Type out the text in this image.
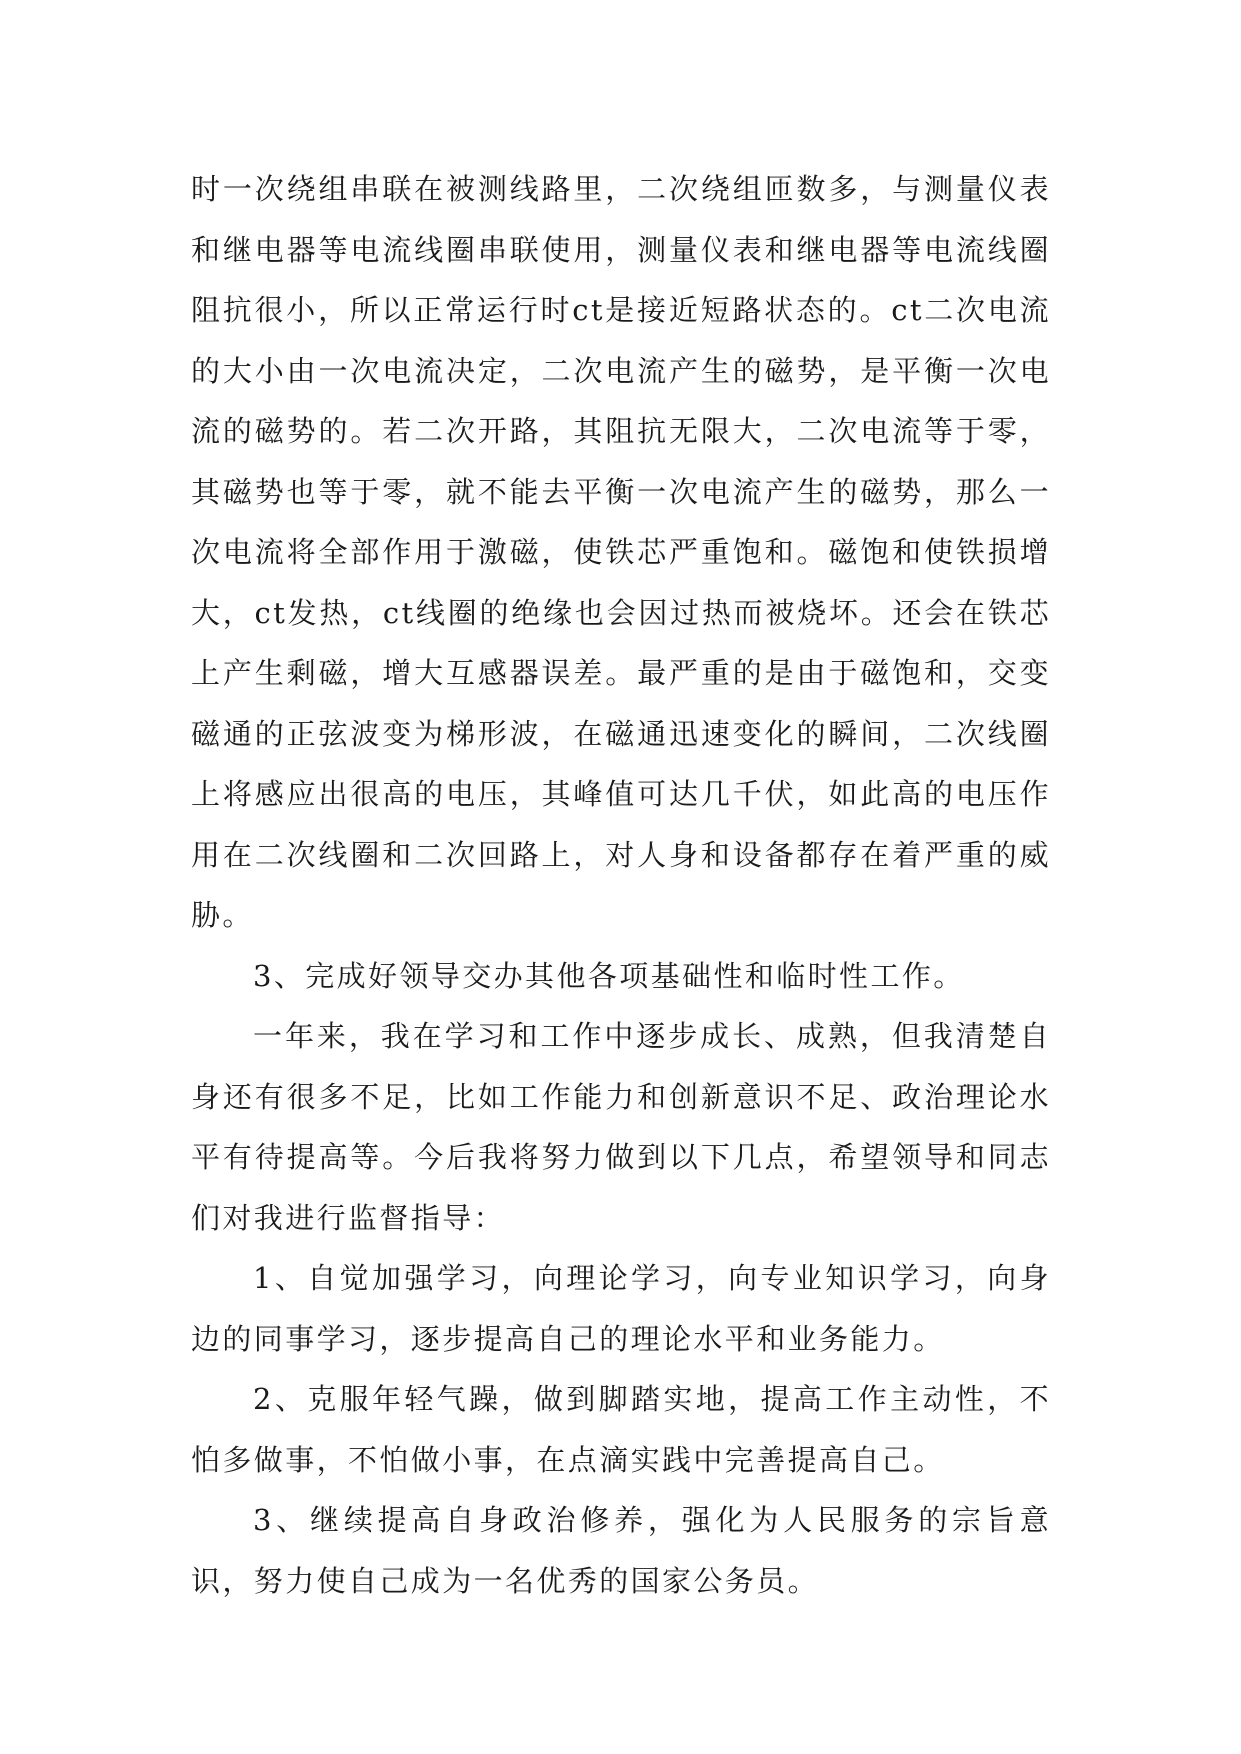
时一次绕组串联在被测线路里，二次绕组匝数多，与测量仪表和继电器等电流线圈串联使用，测量仪表和继电器等电流线圈阻抗很小，所以正常运行时ct是接近短路状态的。ct二次电流的大小由一次电流决定，二次电流产生的磁势，是平衡一次电流的磁势的。若二次开路，其阻抗无限大，二次电流等于零，其磁势也等于零，就不能去平衡一次电流产生的磁势，那么一次电流将全部作用于激磁，使铁芯严重饱和。磁饱和使铁损增大，ct发热，ct线圈的绝缘也会因过热而被烧坏。还会在铁芯上产生剩磁，增大互感器误差。最严重的是由于磁饱和，交变磁通的正弦波变为梯形波，在磁通迅速变化的瞬间，二次线圈上将感应出很高的电压，其峰值可达几千伏，如此高的电压作用在二次线圈和二次回路上，对人身和设备都存在着严重的威胁。

3、完成好领导交办其他各项基础性和临时性工作。

一年来，我在学习和工作中逐步成长、成熟，但我清楚自身还有很多不足，比如工作能力和创新意识不足、政治理论水平有待提高等。今后我将努力做到以下几点，希望领导和同志们对我进行监督指导：

1、自觉加强学习，向理论学习，向专业知识学习，向身边的同事学习，逐步提高自己的理论水平和业务能力。

2、克服年轻气躁，做到脚踏实地，提高工作主动性，不怕多做事，不怕做小事，在点滴实践中完善提高自己。

3、继续提高自身政治修养，强化为人民服务的宗旨意识，努力使自己成为一名优秀的国家公务员。
